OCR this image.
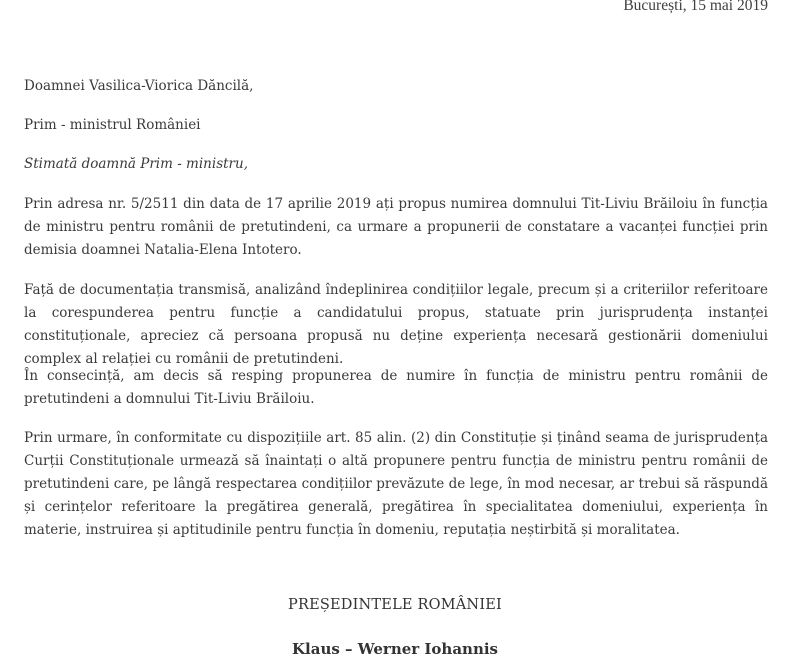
București, 15 mai 2019
Doamnei Vasilica-Viorica Dăncilă,
Prim - ministrul României
Stimată doamnă Prim - ministru,

Prin adresa nr. 5/2511 din data de 17 aprilie 2019 ați propus numirea domnului Tit-Liviu Brăiloiu în funcția de ministru pentru românii de pretutindeni, ca urmare a propunerii de constatare a vacanței funcției prin demisia doamnei Natalia-Elena Intotero.

Față de documentația transmisă, analizând îndeplinirea condițiilor legale, precum și a criteriilor referitoare la corespunderea pentru funcție a candidatului propus, statuate prin jurisprudența instanței constituționale, apreciez că persoana propusă nu deține experiența necesară gestionării domeniului complex al relației cu românii de pretutindeni.

În consecință, am decis să resping propunerea de numire în funcția de ministru pentru românii de pretutindeni a domnului Tit-Liviu Brăiloiu.

Prin urmare, în conformitate cu dispozițiile art. 85 alin. (2) din Constituție și ținând seama de jurisprudența Curții Constituționale urmează să înaintați o altă propunere pentru funcția de ministru pentru românii de pretutindeni care, pe lângă respectarea condițiilor prevăzute de lege, în mod necesar, ar trebui să răspundă și cerințelor referitoare la pregătirea generală, pregătirea în specialitatea domeniului, experiența în materie, instruirea și aptitudinile pentru funcția în domeniu, reputația neștirbită și moralitatea.

PREȘEDINTELE ROMÂNIEI
Klaus – Werner Iohannis
